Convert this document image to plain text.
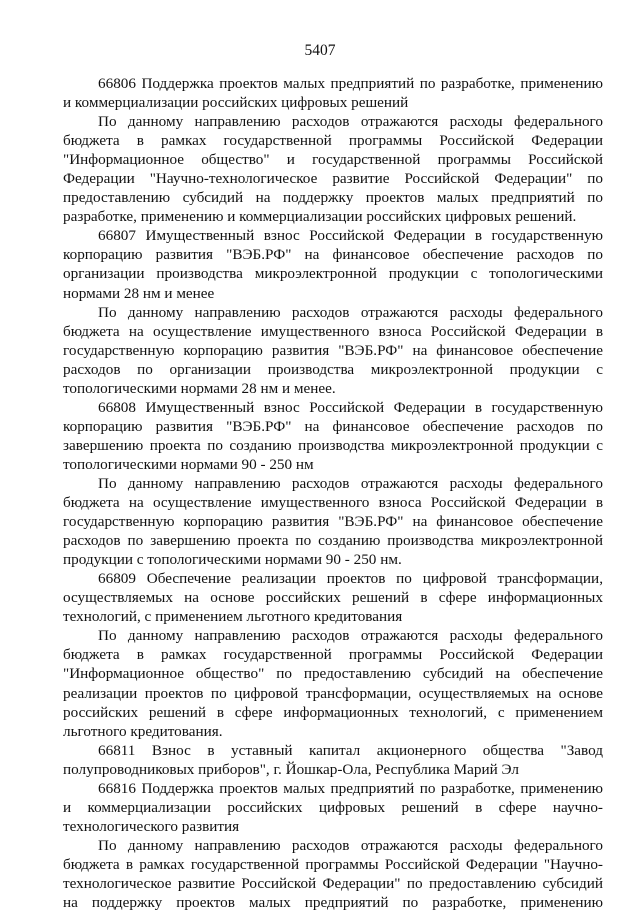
5407

66806 Поддержка проектов малых предприятий по разработке, применению и коммерциализации российских цифровых решений

По данному направлению расходов отражаются расходы федерального бюджета в рамках государственной программы Российской Федерации "Информационное общество" и государственной программы Российской Федерации "Научно-технологическое развитие Российской Федерации" по предоставлению субсидий на поддержку проектов малых предприятий по разработке, применению и коммерциализации российских цифровых решений.

66807 Имущественный взнос Российской Федерации в государственную корпорацию развития "ВЭБ.РФ" на финансовое обеспечение расходов по организации производства микроэлектронной продукции с топологическими нормами 28 нм и менее

По данному направлению расходов отражаются расходы федерального бюджета на осуществление имущественного взноса Российской Федерации в государственную корпорацию развития "ВЭБ.РФ" на финансовое обеспечение расходов по организации производства микроэлектронной продукции с топологическими нормами 28 нм и менее.

66808 Имущественный взнос Российской Федерации в государственную корпорацию развития "ВЭБ.РФ" на финансовое обеспечение расходов по завершению проекта по созданию производства микроэлектронной продукции с топологическими нормами 90 - 250 нм

По данному направлению расходов отражаются расходы федерального бюджета на осуществление имущественного взноса Российской Федерации в государственную корпорацию развития "ВЭБ.РФ" на финансовое обеспечение расходов по завершению проекта по созданию производства микроэлектронной продукции с топологическими нормами 90 - 250 нм.

66809 Обеспечение реализации проектов по цифровой трансформации, осуществляемых на основе российских решений в сфере информационных технологий, с применением льготного кредитования

По данному направлению расходов отражаются расходы федерального бюджета в рамках государственной программы Российской Федерации "Информационное общество" по предоставлению субсидий на обеспечение реализации проектов по цифровой трансформации, осуществляемых на основе российских решений в сфере информационных технологий, с применением льготного кредитования.

66811 Взнос в уставный капитал акционерного общества "Завод полупроводниковых приборов", г. Йошкар-Ола, Республика Марий Эл

66816 Поддержка проектов малых предприятий по разработке, применению и коммерциализации российских цифровых решений в сфере научно-технологического развития

По данному направлению расходов отражаются расходы федерального бюджета в рамках государственной программы Российской Федерации "Научно-технологическое развитие Российской Федерации" по предоставлению субсидий на поддержку проектов малых предприятий по разработке, применению
